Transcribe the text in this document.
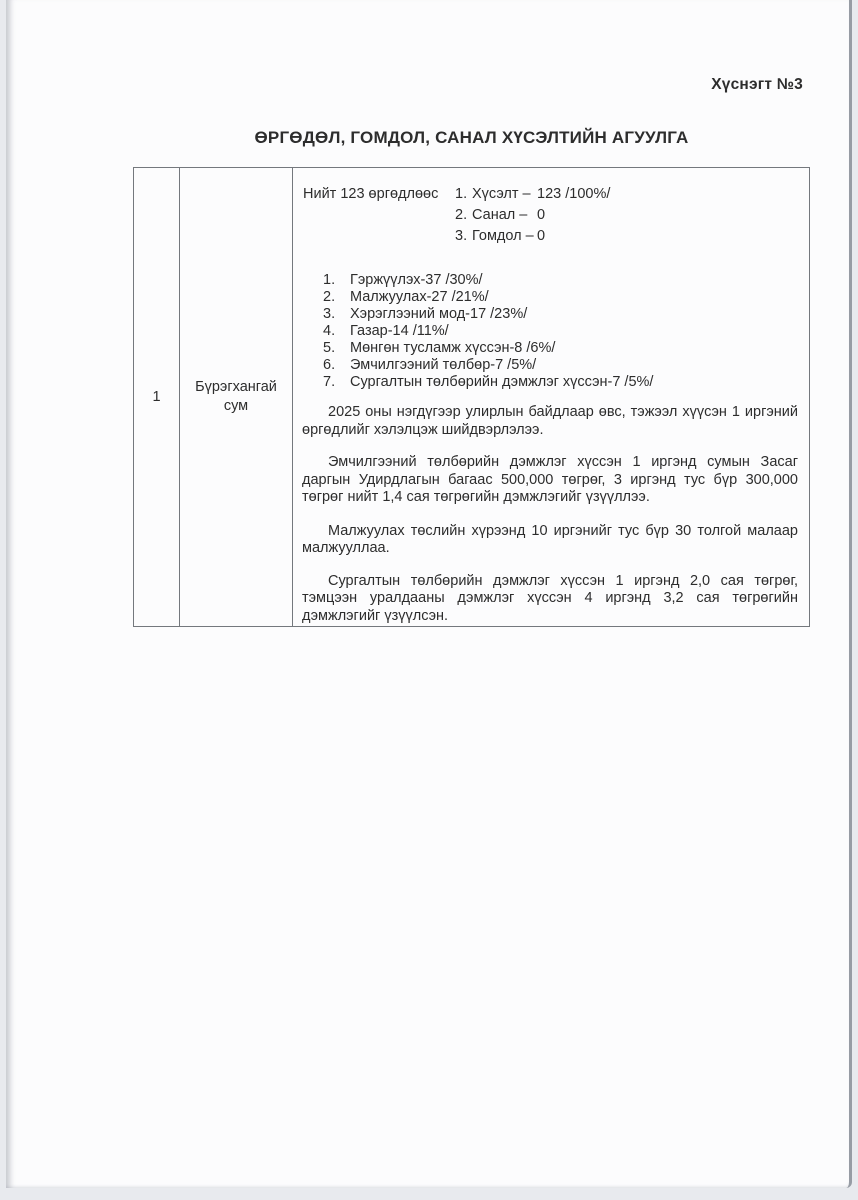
Хүснэгт №3
ӨРГӨДӨЛ, ГОМДОЛ, САНАЛ ХҮСЭЛТИЙН АГУУЛГА
1
Бүрэгхангай сум
Нийт 123 өргөдлөөс	1. Хүсэлт – 123 /100%/
2. Санал – 0
3. Гомдол – 0
Гэржүүлэх-37 /30%/
Малжуулах-27 /21%/
Хэрэглээний мод-17 /23%/
Газар-14 /11%/
Мөнгөн тусламж хүссэн-8 /6%/
Эмчилгээний төлбөр-7 /5%/
Сургалтын төлбөрийн дэмжлэг хүссэн-7 /5%/

2025 оны нэгдүгээр улирлын байдлаар өвс, тэжээл хүүсэн 1 иргэний өргөдлийг хэлэлцэж шийдвэрлэлээ.

Эмчилгээний төлбөрийн дэмжлэг хүссэн 1 иргэнд сумын Засаг даргын Удирдлагын багаас 500,000 төгрөг, 3 иргэнд тус бүр 300,000 төгрөг нийт 1,4 сая төгрөгийн дэмжлэгийг үзүүллээ.

Малжуулах төслийн хүрээнд 10 иргэнийг тус бүр 30 толгой малаар малжууллаа.

Сургалтын төлбөрийн дэмжлэг хүссэн 1 иргэнд 2,0 сая төгрөг, тэмцээн уралдааны дэмжлэг хүссэн 4 иргэнд 3,2 сая төгрөгийн дэмжлэгийг үзүүлсэн.
